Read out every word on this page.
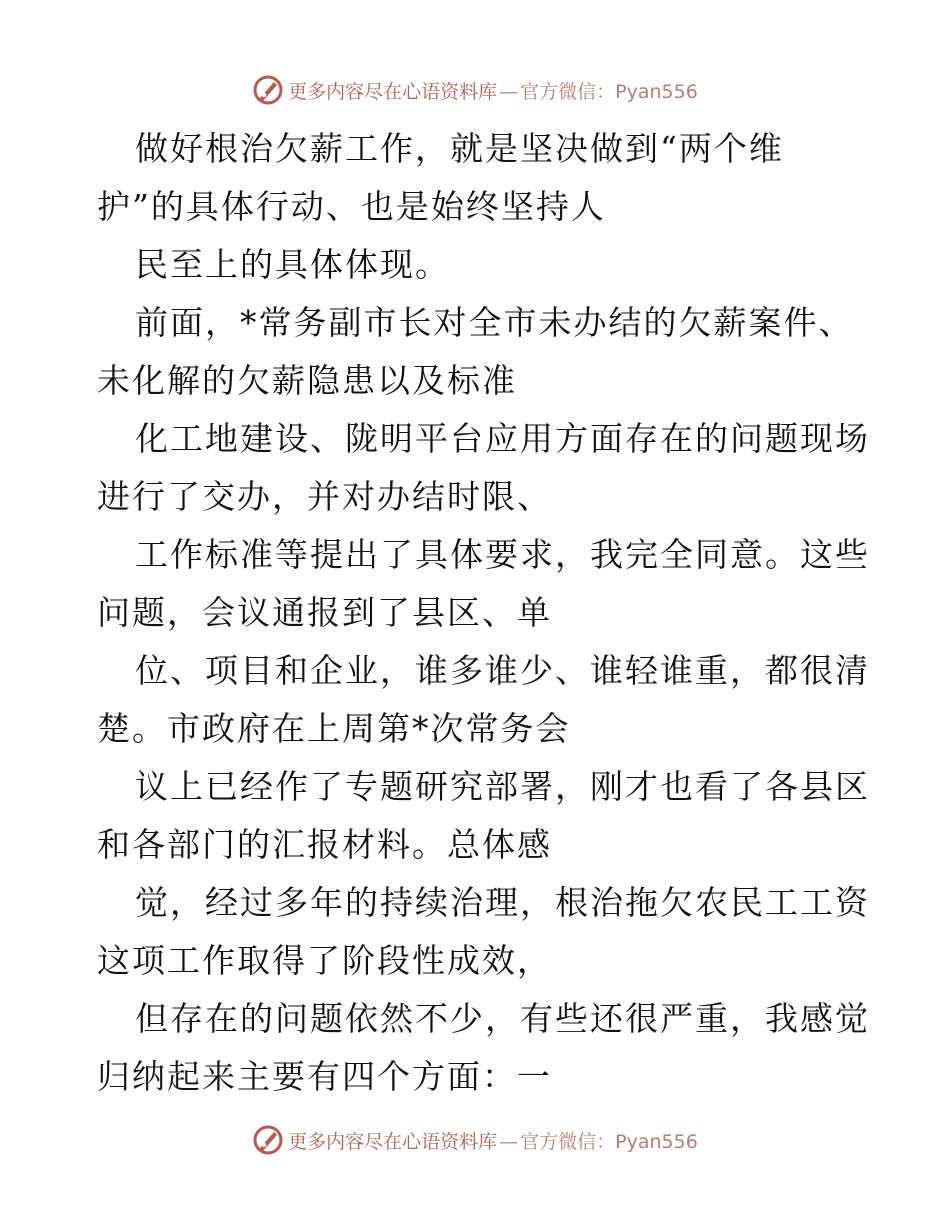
更多内容尽在心语资料库 — 官方微信：Pyan556
做好根治欠薪工作，就是坚决做到“两个维
护”的具体行动、也是始终坚持人
民至上的具体体现。
前面，*常务副市长对全市未办结的欠薪案件、
未化解的欠薪隐患以及标准
化工地建设、陇明平台应用方面存在的问题现场
进行了交办，并对办结时限、
工作标准等提出了具体要求，我完全同意。这些
问题，会议通报到了县区、单
位、项目和企业，谁多谁少、谁轻谁重，都很清
楚。市政府在上周第*次常务会
议上已经作了专题研究部署，刚才也看了各县区
和各部门的汇报材料。总体感
觉，经过多年的持续治理，根治拖欠农民工工资
这项工作取得了阶段性成效，
但存在的问题依然不少，有些还很严重，我感觉
归纳起来主要有四个方面：一
更多内容尽在心语资料库 — 官方微信：Pyan556
